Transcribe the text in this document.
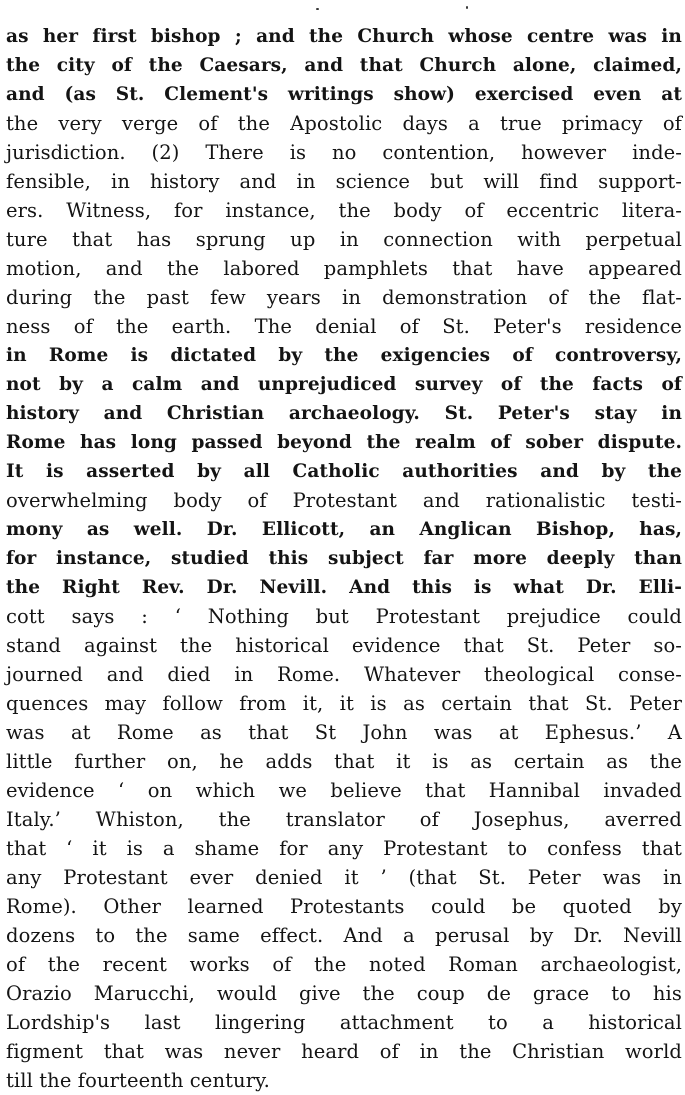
as her first bishop ; and the Church whose centre was in
the city of the Caesars, and that Church alone, claimed,
and (as St. Clement's writings show) exercised even at
the very verge of the Apostolic days a true primacy of
jurisdiction. (2) There is no contention, however inde-
fensible, in history and in science but will find support-
ers. Witness, for instance, the body of eccentric litera-
ture that has sprung up in connection with perpetual
motion, and the labored pamphlets that have appeared
during the past few years in demonstration of the flat-
ness of the earth. The denial of St. Peter's residence
in Rome is dictated by the exigencies of controversy,
not by a calm and unprejudiced survey of the facts of
history and Christian archaeology. St. Peter's stay in
Rome has long passed beyond the realm of sober dispute.
It is asserted by all Catholic authorities and by the
overwhelming body of Protestant and rationalistic testi-
mony as well. Dr. Ellicott, an Anglican Bishop, has,
for instance, studied this subject far more deeply than
the Right Rev. Dr. Nevill. And this is what Dr. Elli-
cott says : ‘ Nothing but Protestant prejudice could
stand against the historical evidence that St. Peter so-
journed and died in Rome. Whatever theological conse-
quences may follow from it, it is as certain that St. Peter
was at Rome as that St John was at Ephesus.’ A
little further on, he adds that it is as certain as the
evidence ‘ on which we believe that Hannibal invaded
Italy.’ Whiston, the translator of Josephus, averred
that ‘ it is a shame for any Protestant to confess that
any Protestant ever denied it ’ (that St. Peter was in
Rome). Other learned Protestants could be quoted by
dozens to the same effect. And a perusal by Dr. Nevill
of the recent works of the noted Roman archaeologist,
Orazio Marucchi, would give the coup de grace to his
Lordship's last lingering attachment to a historical
figment that was never heard of in the Christian world
till the fourteenth century.
